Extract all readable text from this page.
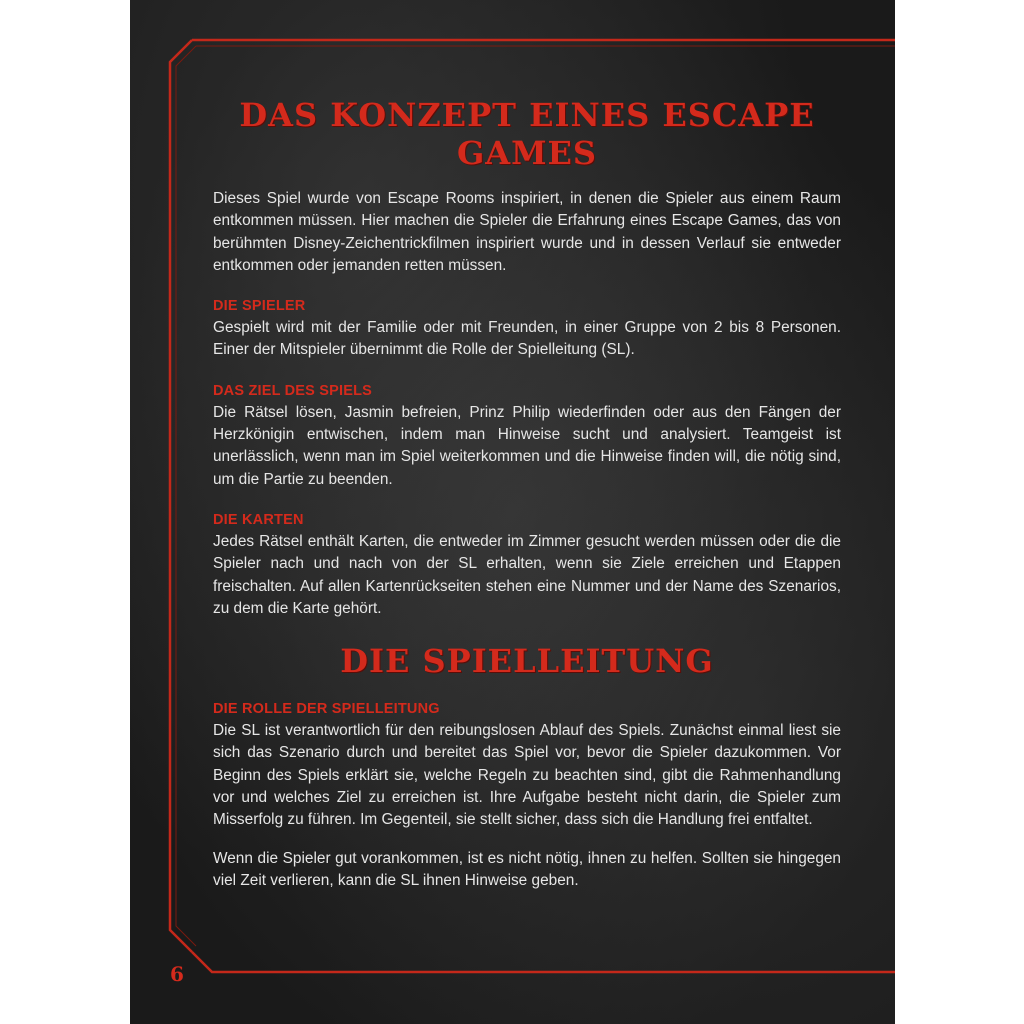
DAS KONZEPT EINES ESCAPE GAMES

Dieses Spiel wurde von Escape Rooms inspiriert, in denen die Spieler aus einem Raum entkommen müssen. Hier machen die Spieler die Erfahrung eines Escape Games, das von berühmten Disney-Zeichentrickfilmen inspiriert wurde und in dessen Verlauf sie entweder entkommen oder jemanden retten müssen.

DIE SPIELER

Gespielt wird mit der Familie oder mit Freunden, in einer Gruppe von 2 bis 8 Personen. Einer der Mitspieler übernimmt die Rolle der Spielleitung (SL).

DAS ZIEL DES SPIELS

Die Rätsel lösen, Jasmin befreien, Prinz Philip wiederfinden oder aus den Fängen der Herzkönigin entwischen, indem man Hinweise sucht und analysiert. Teamgeist ist unerlässlich, wenn man im Spiel weiterkommen und die Hinweise finden will, die nötig sind, um die Partie zu beenden.

DIE KARTEN

Jedes Rätsel enthält Karten, die entweder im Zimmer gesucht werden müssen oder die die Spieler nach und nach von der SL erhalten, wenn sie Ziele erreichen und Etappen freischalten. Auf allen Kartenrückseiten stehen eine Nummer und der Name des Szenarios, zu dem die Karte gehört.

DIE SPIELLEITUNG
DIE ROLLE DER SPIELLEITUNG

Die SL ist verantwortlich für den reibungslosen Ablauf des Spiels. Zunächst einmal liest sie sich das Szenario durch und bereitet das Spiel vor, bevor die Spieler dazukommen. Vor Beginn des Spiels erklärt sie, welche Regeln zu beachten sind, gibt die Rahmenhandlung vor und welches Ziel zu erreichen ist. Ihre Aufgabe besteht nicht darin, die Spieler zum Misserfolg zu führen. Im Gegenteil, sie stellt sicher, dass sich die Handlung frei entfaltet.

Wenn die Spieler gut vorankommen, ist es nicht nötig, ihnen zu helfen. Sollten sie hingegen viel Zeit verlieren, kann die SL ihnen Hinweise geben.

6
